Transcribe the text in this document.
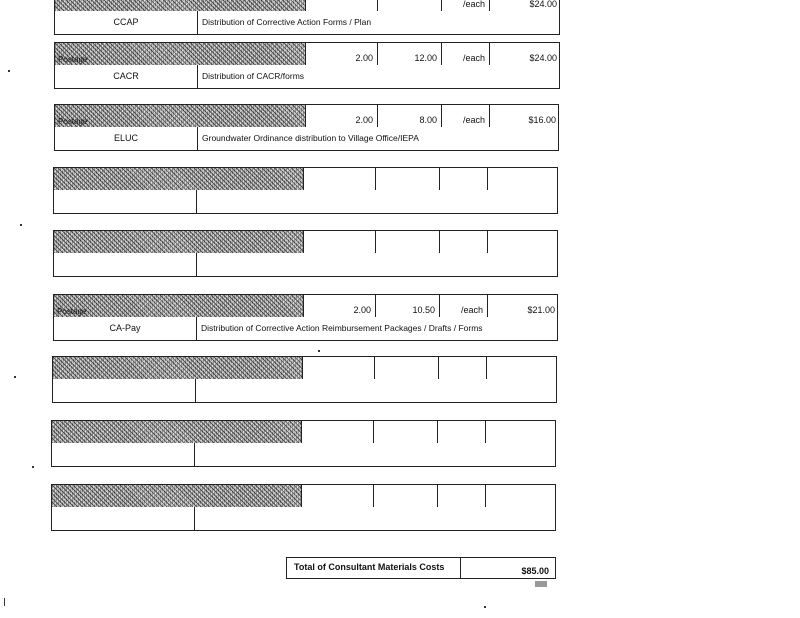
/each	$24.00
CCAP	Distribution of Corrective Action Forms / Plan
Postage	2.00	12.00	/each	$24.00
CACR	Distribution of CACR/forms
Postage	2.00	8.00	/each	$16.00
ELUC	Groundwater Ordinance distribution to Village Office/IEPA
Postage	2.00	10.50	/each	$21.00
CA-Pay	Distribution of Corrective Action Reimbursement Packages / Drafts / Forms
Total of Consultant Materials Costs	$85.00
